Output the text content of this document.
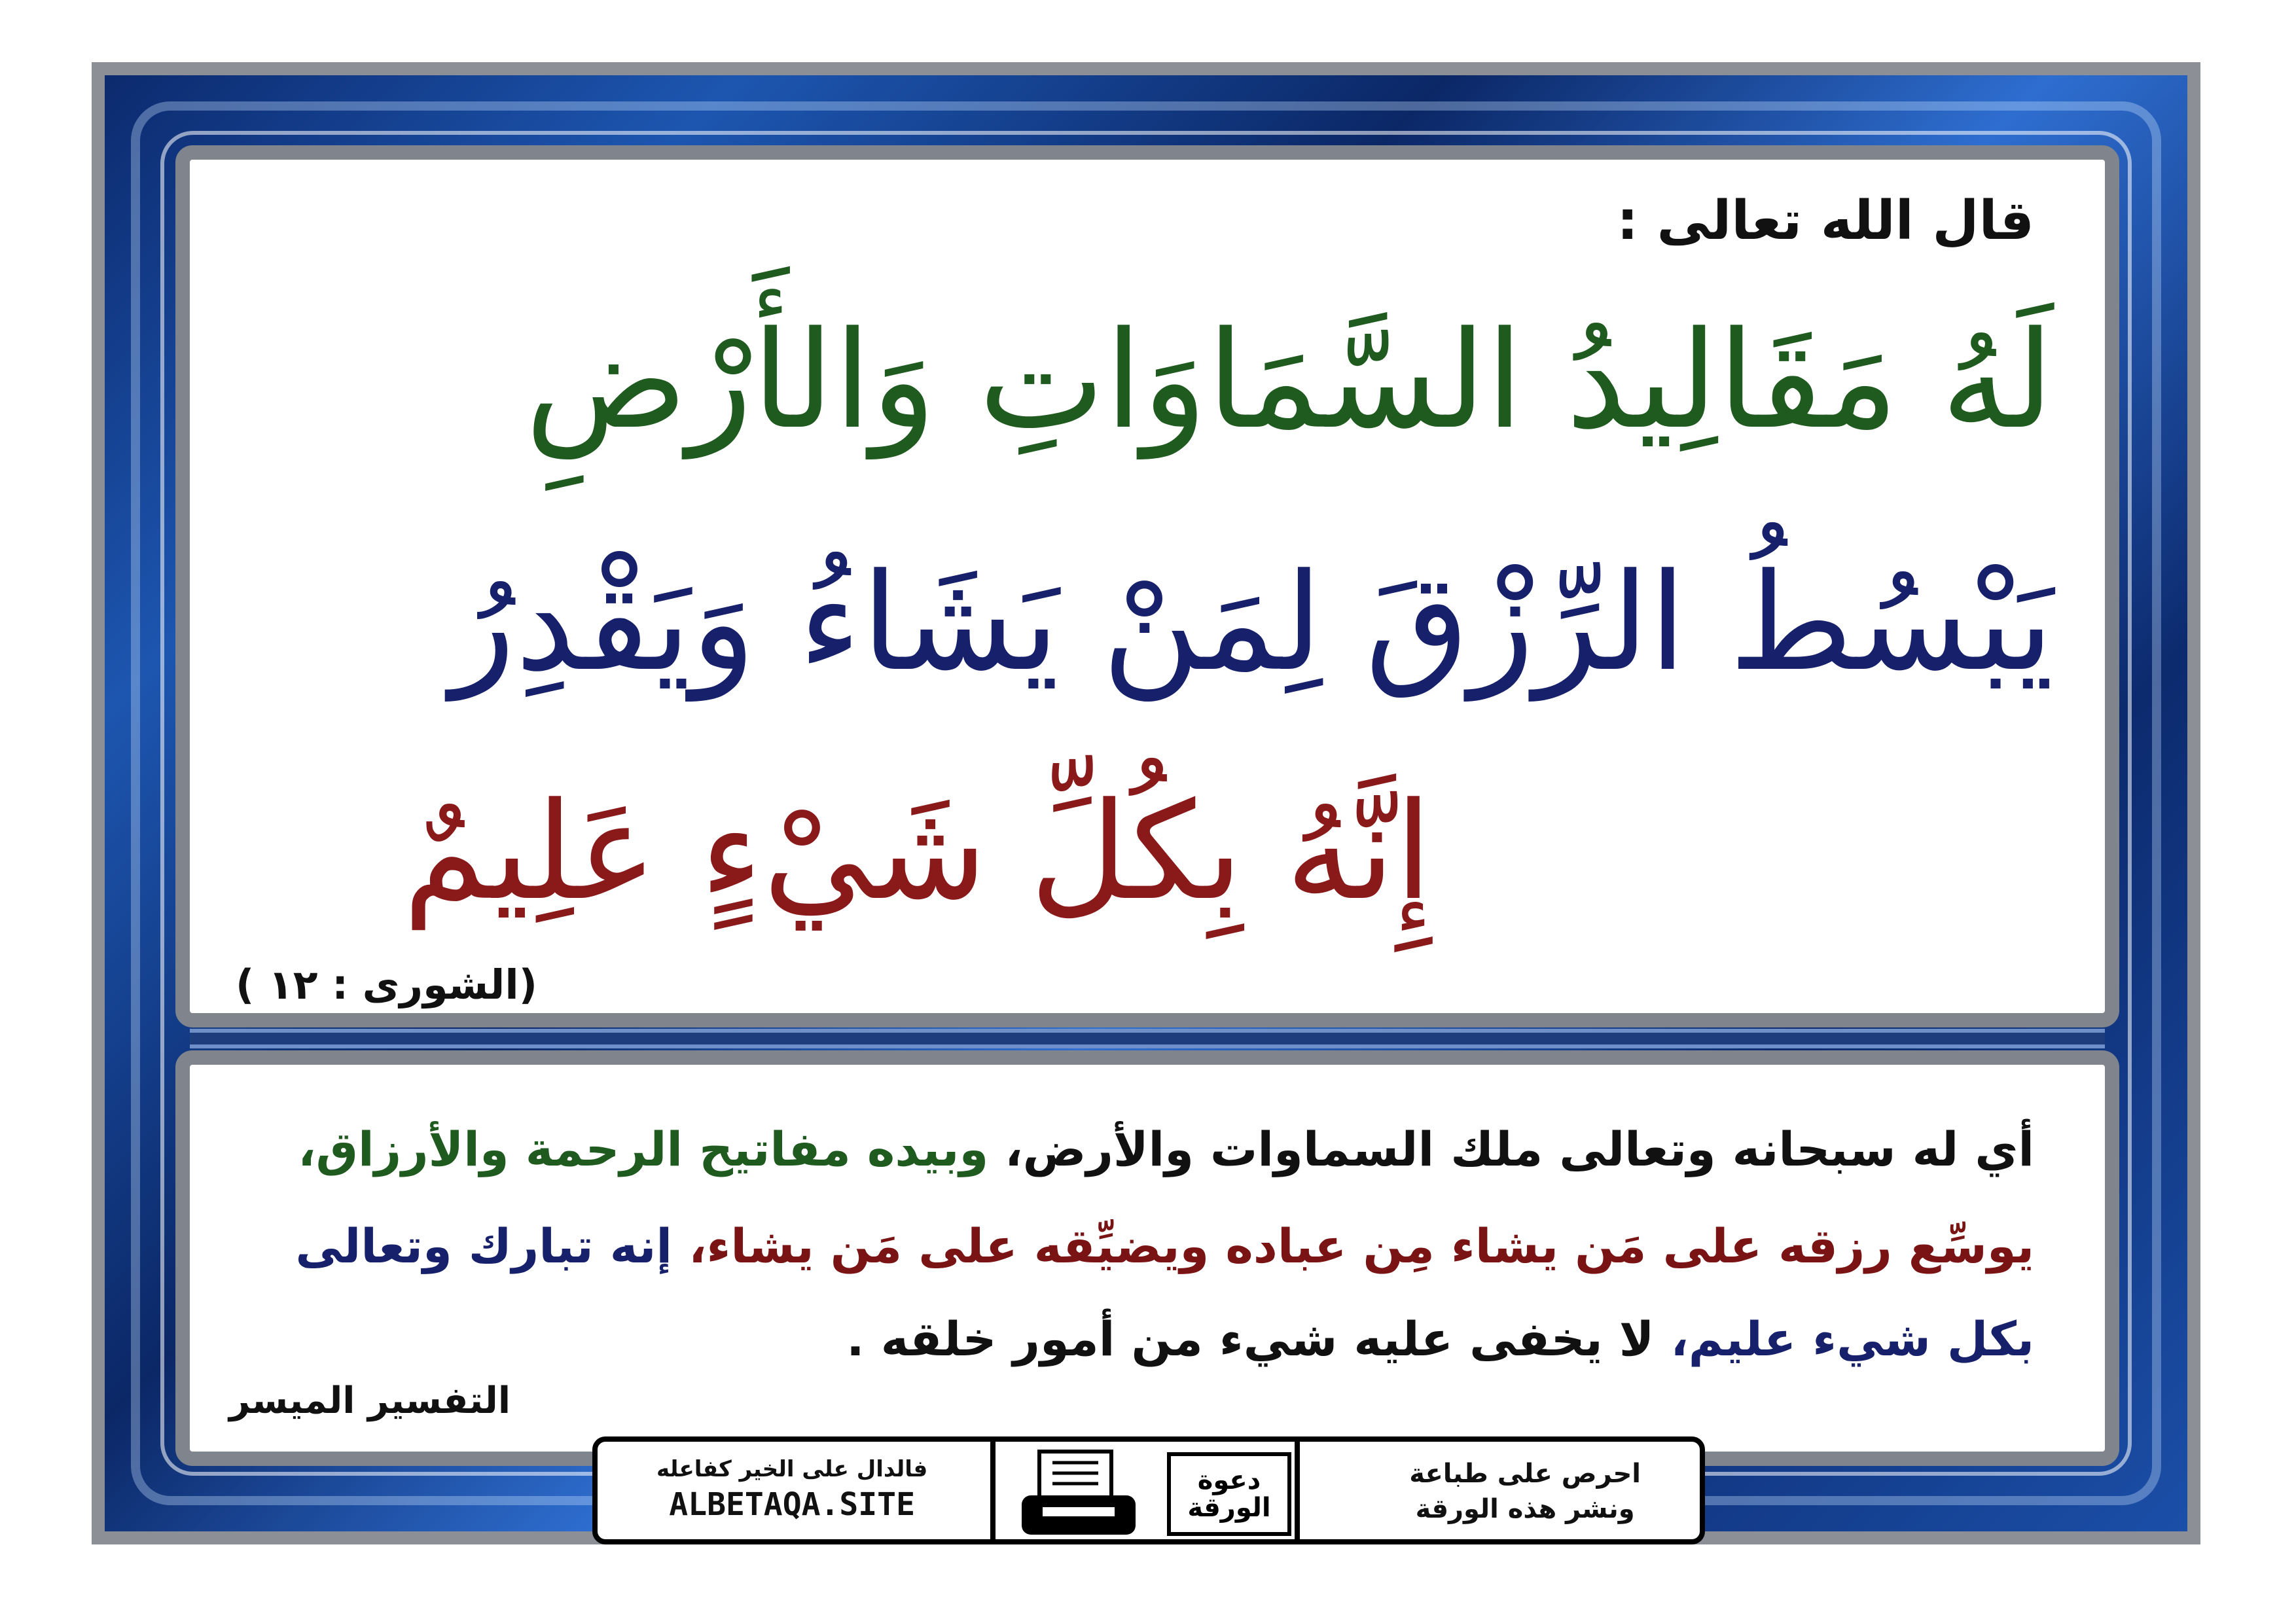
قال الله تعالى :
لَهُ مَقَالِيدُ السَّمَاوَاتِ وَالأَرْضِ
يَبْسُطُ الرِّزْقَ لِمَنْ يَشَاءُ وَيَقْدِرُ
إِنَّهُ بِكُلِّ شَيْءٍ عَلِيمٌ
(الشورى : ١٢ )
أي له سبحانه وتعالى ملك السماوات والأرض، وبيده مفاتيح الرحمة والأرزاق،
يوسِّع رزقه على مَن يشاء مِن عباده ويضيِّقه على مَن يشاء، إنه تبارك وتعالى
بكل شيء عليم، لا يخفى عليه شيء من أمور خلقه .
التفسير الميسر
احرص على طباعة
ونشر هذه الورقة
دعوة
الورقة
فالدال على الخير كفاعله
ALBETAQA.SITE
